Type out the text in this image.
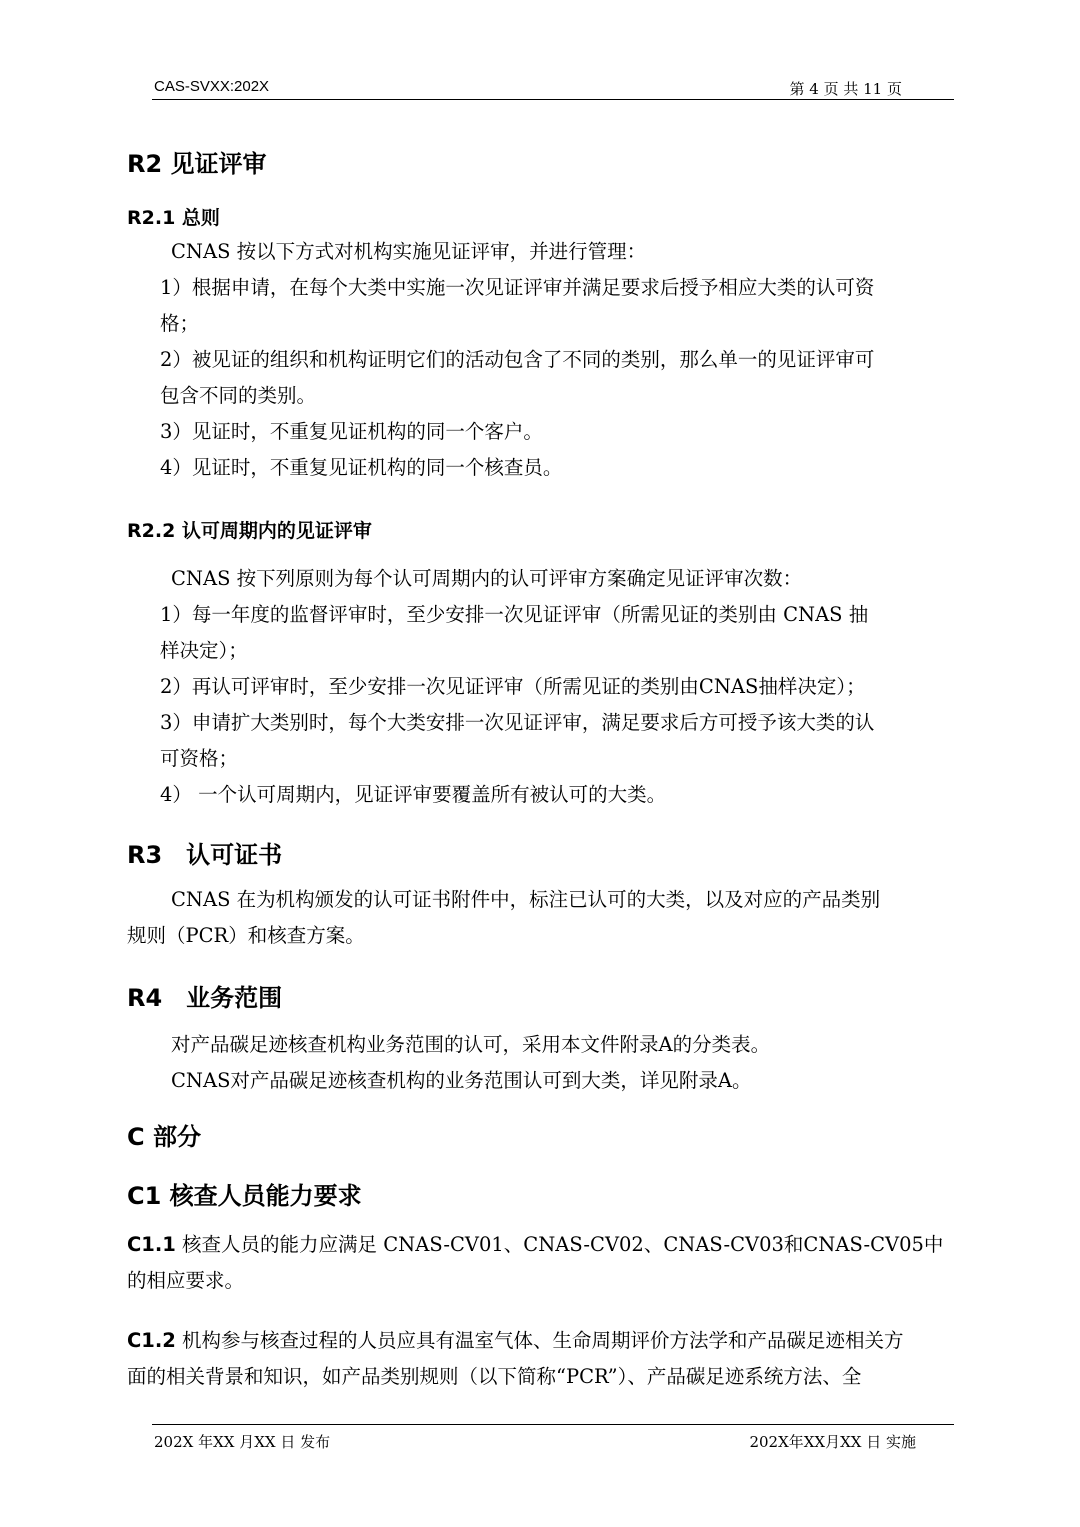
CAS-SVXX:202X	第 4 页 共 11 页
R2 见证评审
R2.1 总则

CNAS 按以下方式对机构实施见证评审，并进行管理：

1）根据申请，在每个大类中实施一次见证评审并满足要求后授予相应大类的认可资

格；

2）被见证的组织和机构证明它们的活动包含了不同的类别，那么单一的见证评审可

包含不同的类别。

3）见证时，不重复见证机构的同一个客户。

4）见证时，不重复见证机构的同一个核查员。

R2.2 认可周期内的见证评审

CNAS 按下列原则为每个认可周期内的认可评审方案确定见证评审次数：

1）每一年度的监督评审时，至少安排一次见证评审（所需见证的类别由 CNAS 抽

样决定）；

2）再认可评审时，至少安排一次见证评审（所需见证的类别由CNAS抽样决定）；

3）申请扩大类别时，每个大类安排一次见证评审，满足要求后方可授予该大类的认

可资格；

4） 一个认可周期内，见证评审要覆盖所有被认可的大类。

R3　认可证书

CNAS 在为机构颁发的认可证书附件中，标注已认可的大类，以及对应的产品类别

规则（PCR）和核查方案。

R4　业务范围

对产品碳足迹核查机构业务范围的认可，采用本文件附录A的分类表。

CNAS对产品碳足迹核查机构的业务范围认可到大类，详见附录A。

C 部分
C1 核查人员能力要求

C1.1 核查人员的能力应满足 CNAS-CV01、CNAS-CV02、CNAS-CV03和CNAS-CV05中

的相应要求。

C1.2 机构参与核查过程的人员应具有温室气体、生命周期评价方法学和产品碳足迹相关方

面的相关背景和知识，如产品类别规则（以下简称“PCR”）、产品碳足迹系统方法、全

202X 年XX 月XX 日 发布	202X年XX月XX 日 实施
